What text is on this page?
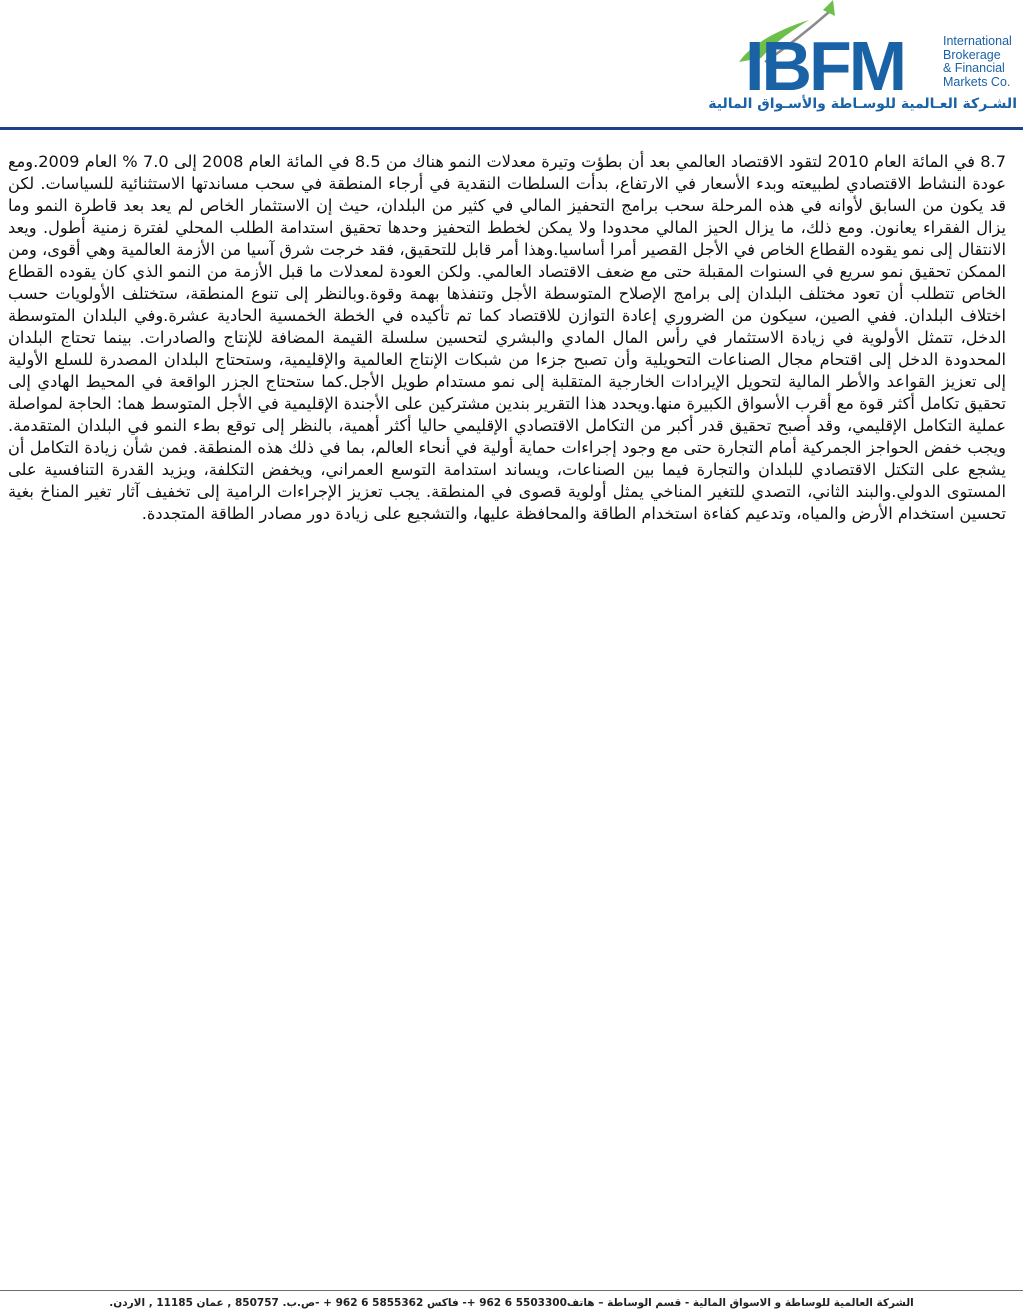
IBFM	International
Brokerage
& Financial
Markets Co.
الشـركة العـالمية للوسـاطة والأسـواق المالية
8.7 في المائة العام 2010 لتقود الاقتصاد العالمي بعد أن بطؤت وتيرة معدلات النمو هناك من 8.5 في المائة العام 2008 إلى 7.0 % العام 2009.ومع عودة النشاط الاقتصادي لطبيعته وبدء الأسعار في الارتفاع، بدأت السلطات النقدية في أرجاء المنطقة في سحب مساندتها الاستثنائية للسياسات. لكن قد يكون من السابق لأوانه في هذه المرحلة سحب برامج التحفيز المالي في كثير من البلدان، حيث إن الاستثمار الخاص لم يعد بعد قاطرة النمو وما يزال الفقراء يعانون. ومع ذلك، ما يزال الحيز المالي محدودا ولا يمكن لخطط التحفيز وحدها تحقيق استدامة الطلب المحلي لفترة زمنية أطول. ويعد الانتقال إلى نمو يقوده القطاع الخاص في الأجل القصير أمرا أساسيا.وهذا أمر قابل للتحقيق، فقد خرجت شرق آسيا من الأزمة العالمية وهي أقوى، ومن الممكن تحقيق نمو سريع في السنوات المقبلة حتى مع ضعف الاقتصاد العالمي. ولكن العودة لمعدلات ما قبل الأزمة من النمو الذي كان يقوده القطاع الخاص تتطلب أن تعود مختلف البلدان إلى برامج الإصلاح المتوسطة الأجل وتنفذها بهمة وقوة.وبالنظر إلى تنوع المنطقة، ستختلف الأولويات حسب اختلاف البلدان. ففي الصين، سيكون من الضروري إعادة التوازن للاقتصاد كما تم تأكيده في الخطة الخمسية الحادية عشرة.وفي البلدان المتوسطة الدخل، تتمثل الأولوية في زيادة الاستثمار في رأس المال المادي والبشري لتحسين سلسلة القيمة المضافة للإنتاج والصادرات. بينما تحتاج البلدان المحدودة الدخل إلى اقتحام مجال الصناعات التحويلية وأن تصبح جزءا من شبكات الإنتاج العالمية والإقليمية، وستحتاج البلدان المصدرة للسلع الأولية إلى تعزيز القواعد والأطر المالية لتحويل الإيرادات الخارجية المتقلبة إلى نمو مستدام طويل الأجل.كما ستحتاج الجزر الواقعة في المحيط الهادي إلى تحقيق تكامل أكثر قوة مع أقرب الأسواق الكبيرة منها.ويحدد هذا التقرير بندين مشتركين على الأجندة الإقليمية في الأجل المتوسط هما: الحاجة لمواصلة عملية التكامل الإقليمي، وقد أصبح تحقيق قدر أكبر من التكامل الاقتصادي الإقليمي حاليا أكثر أهمية، بالنظر إلى توقع بطء النمو في البلدان المتقدمة. ويجب خفض الحواجز الجمركية أمام التجارة حتى مع وجود إجراءات حماية أولية في أنحاء العالم، بما في ذلك هذه المنطقة. فمن شأن زيادة التكامل أن يشجع على التكتل الاقتصادي للبلدان والتجارة فيما بين الصناعات، ويساند استدامة التوسع العمراني، ويخفض التكلفة، ويزيد القدرة التنافسية على المستوى الدولي.والبند الثاني، التصدي للتغير المناخي يمثل أولوية قصوى في المنطقة. يجب تعزيز الإجراءات الرامية إلى تخفيف آثار تغير المناخ بغية تحسين استخدام الأرض والمياه، وتدعيم كفاءة استخدام الطاقة والمحافظة عليها، والتشجيع على زيادة دور مصادر الطاقة المتجددة.
الشركة العالمية للوساطة و الاسواق المالية - قسم الوساطة – هاتف5503300 6 962 +- فاكس 5855362 6 962 + -ص.ب. 850757 , عمان 11185 , الاردن.
